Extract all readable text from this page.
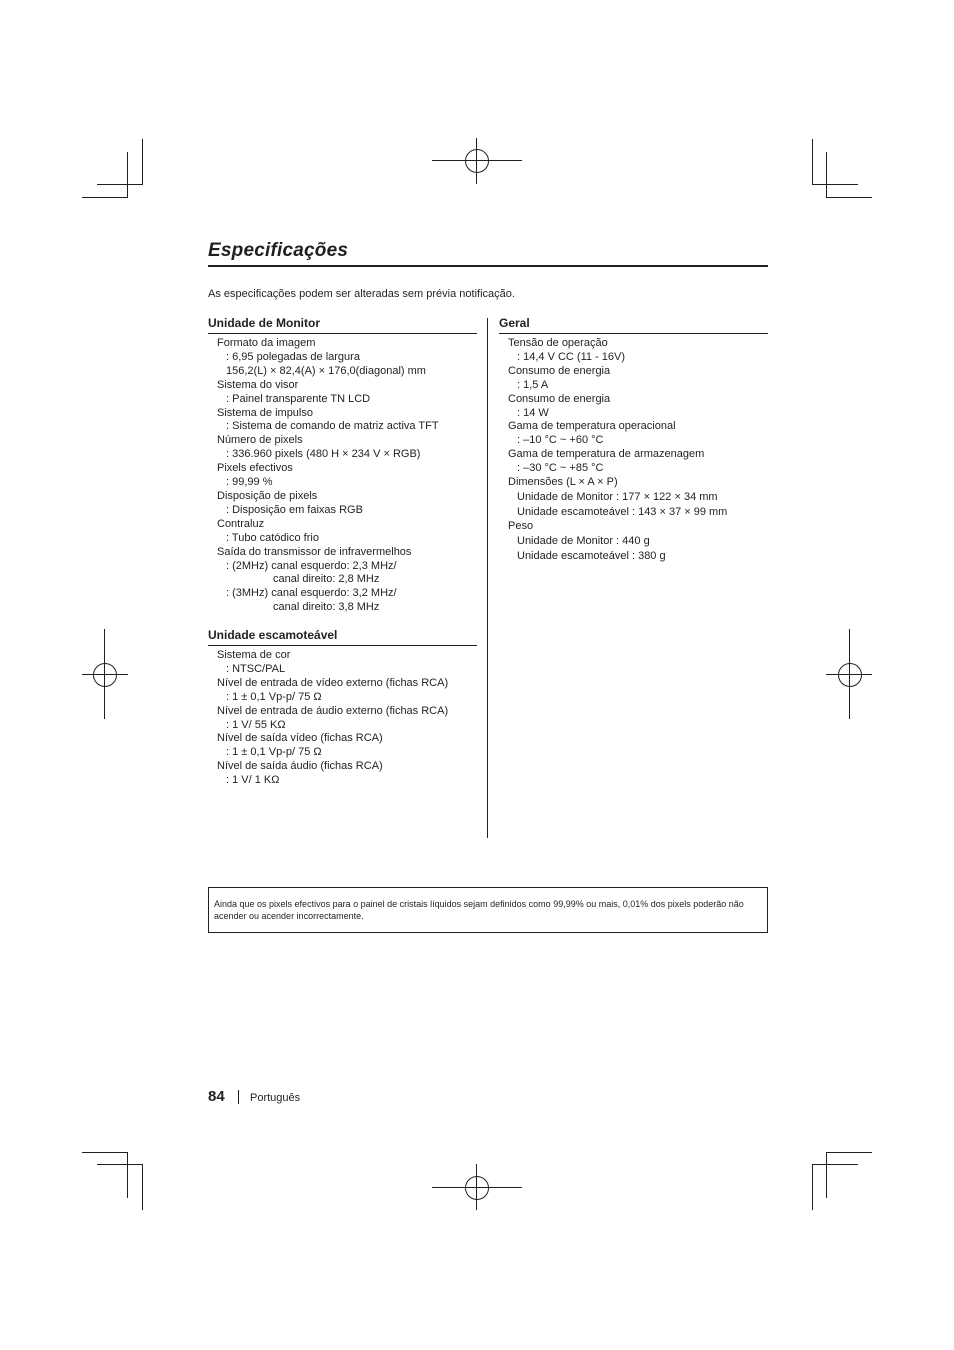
Especificações
As especificações podem ser alteradas sem prévia notificação.
Unidade de Monitor
Formato da imagem
: 6,95 polegadas de largura
156,2(L) × 82,4(A) × 176,0(diagonal) mm
Sistema do visor
: Painel transparente TN LCD
Sistema de impulso
: Sistema de comando de matriz activa TFT
Número de pixels
: 336.960 pixels (480 H × 234 V × RGB)
Pixels efectivos
: 99,99 %
Disposição de pixels
: Disposição em faixas RGB
Contraluz
: Tubo catódico frio
Saída do transmissor de infravermelhos
: (2MHz) canal esquerdo: 2,3 MHz/
canal direito: 2,8 MHz
: (3MHz) canal esquerdo: 3,2 MHz/
canal direito: 3,8 MHz
Unidade escamoteável
Sistema de cor
: NTSC/PAL
Nível de entrada de vídeo externo (fichas RCA)
: 1 ± 0,1 Vp-p/ 75 Ω
Nível de entrada de áudio externo (fichas RCA)
: 1 V/ 55 KΩ
Nível de saída vídeo (fichas RCA)
: 1 ± 0,1 Vp-p/ 75 Ω
Nível de saída áudio (fichas RCA)
: 1 V/ 1 KΩ
Geral
Tensão de operação
: 14,4 V CC (11 - 16V)
Consumo de energia
: 1,5 A
Consumo de energia
: 14 W
Gama de temperatura operacional
: –10 °C ~ +60 °C
Gama de temperatura de armazenagem
: –30 °C ~ +85 °C
Dimensões (L × A × P)
Unidade de Monitor : 177 × 122 × 34 mm
Unidade escamoteável : 143 × 37 × 99 mm
Peso
Unidade de Monitor : 440 g
Unidade escamoteável : 380 g
Ainda que os pixels efectivos para o painel de cristais líquidos sejam definidos como 99,99% ou mais, 0,01% dos pixels poderão não acender ou acender incorrectamente.
84 Português
